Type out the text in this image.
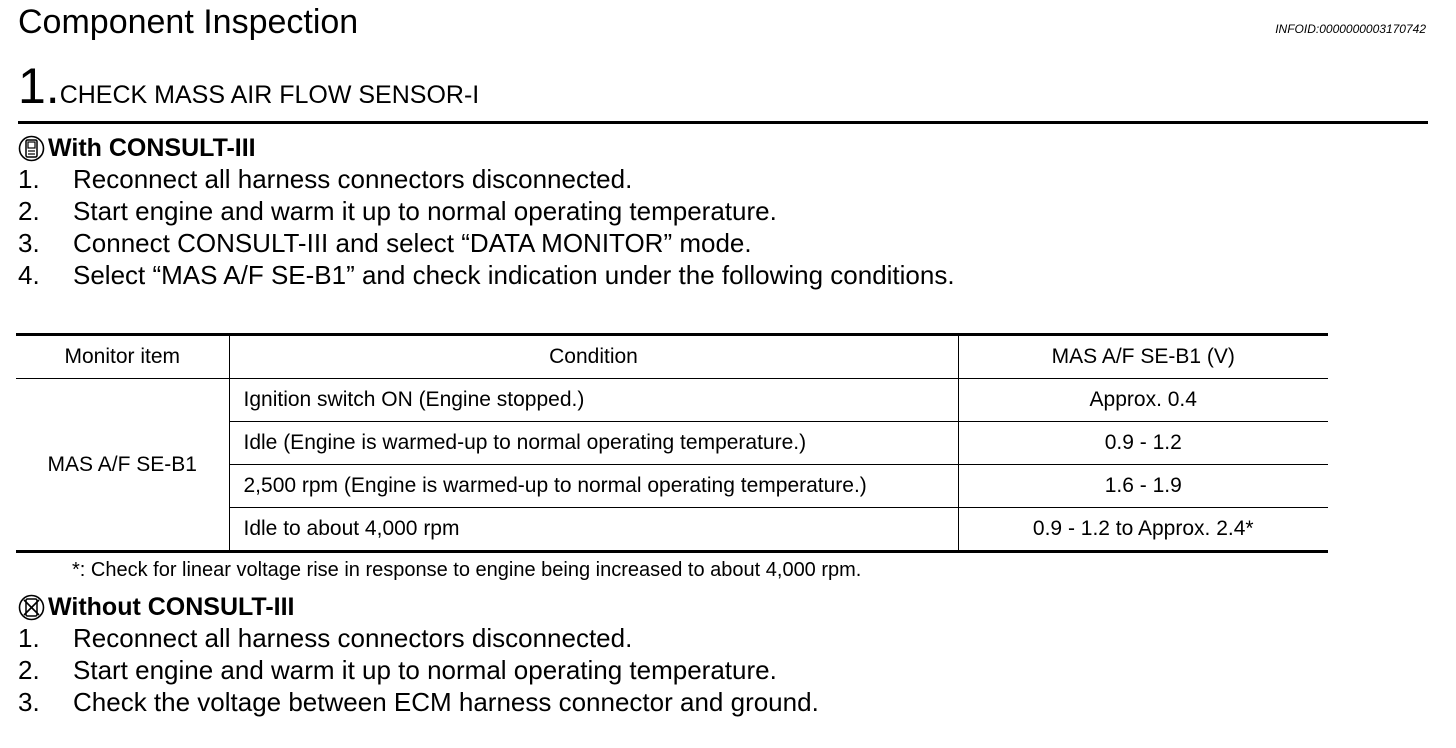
Component Inspection	INFOID:0000000003170742
1. CHECK MASS AIR FLOW SENSOR-I
With CONSULT-III
1.	Reconnect all harness connectors disconnected.
2.	Start engine and warm it up to normal operating temperature.
3.	Connect CONSULT-III and select “DATA MONITOR” mode.
4.	Select “MAS A/F SE-B1” and check indication under the following conditions.
Monitor item	Condition	MAS A/F SE-B1 (V)
MAS A/F SE-B1	Ignition switch ON (Engine stopped.)	Approx. 0.4
	Idle (Engine is warmed-up to normal operating temperature.)	0.9 - 1.2
	2,500 rpm (Engine is warmed-up to normal operating temperature.)	1.6 - 1.9
	Idle to about 4,000 rpm	0.9 - 1.2 to Approx. 2.4*
*: Check for linear voltage rise in response to engine being increased to about 4,000 rpm.
Without CONSULT-III
1.	Reconnect all harness connectors disconnected.
2.	Start engine and warm it up to normal operating temperature.
3.	Check the voltage between ECM harness connector and ground.
